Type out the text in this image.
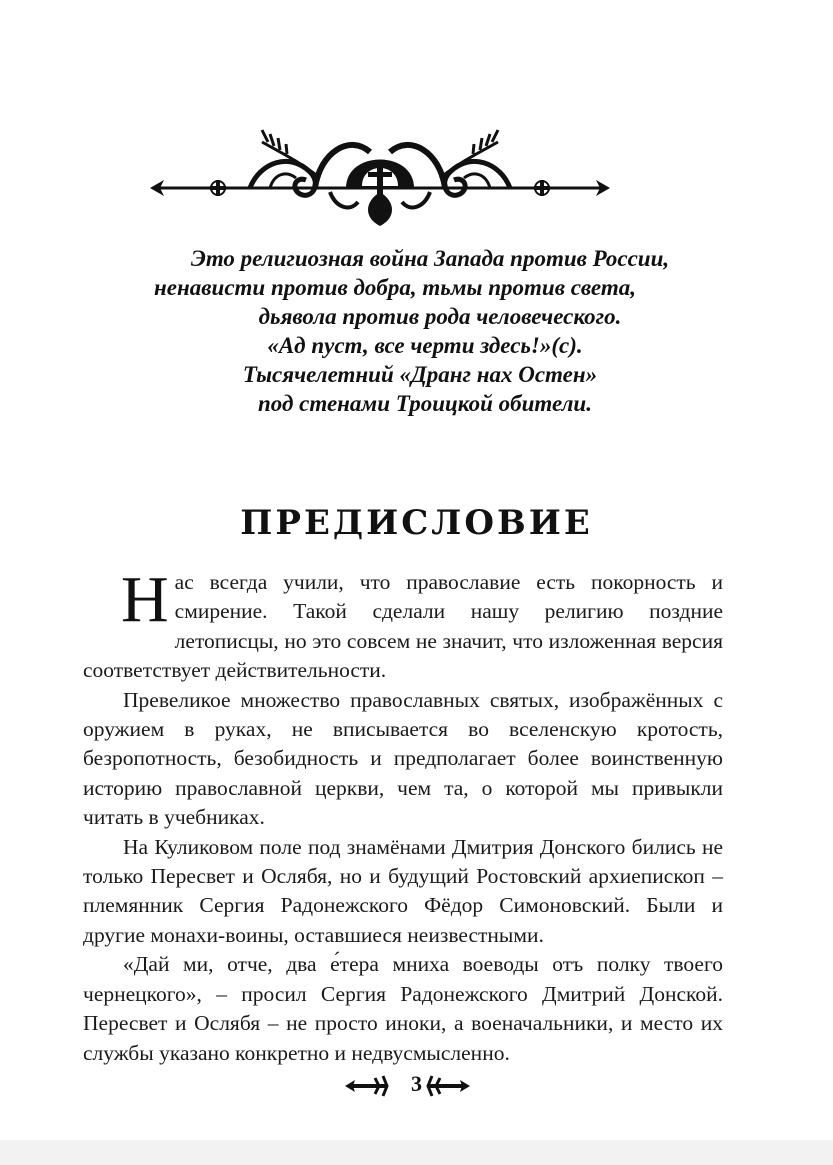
Это религиозная война Запада против России,
ненависти против добра, тьмы против света,
дьявола против рода человеческого.
«Ад пуст, все черти здесь!»(с).
Тысячелетний «Дранг нах Остен»
под стенами Троицкой обители.
ПРЕДИСЛОВИЕ

Нас всегда учили, что православие есть покорность и смирение. Такой сделали нашу религию поздние летописцы, но это совсем не значит, что изложенная версия соответствует действительности.

Превеликое множество православных святых, изображённых с оружием в руках, не вписывается во вселенскую кротость, безропотность, безобидность и предполагает более воинственную историю православной церкви, чем та, о которой мы привыкли читать в учебниках.

На Куликовом поле под знамёнами Дмитрия Донского бились не только Пересвет и Ослябя, но и будущий Ростовский архиепископ – племянник Сергия Радонежского Фёдор Симоновский. Были и другие монахи-воины, оставшиеся неизвестными.

«Дай ми, отче, два е́тера мниха воеводы отъ полку твоего чернецкого», – просил Сергия Радонежского Дмитрий Донской. Пересвет и Ослябя – не просто иноки, а военачальники, и место их службы указано конкретно и недвусмысленно.

3
